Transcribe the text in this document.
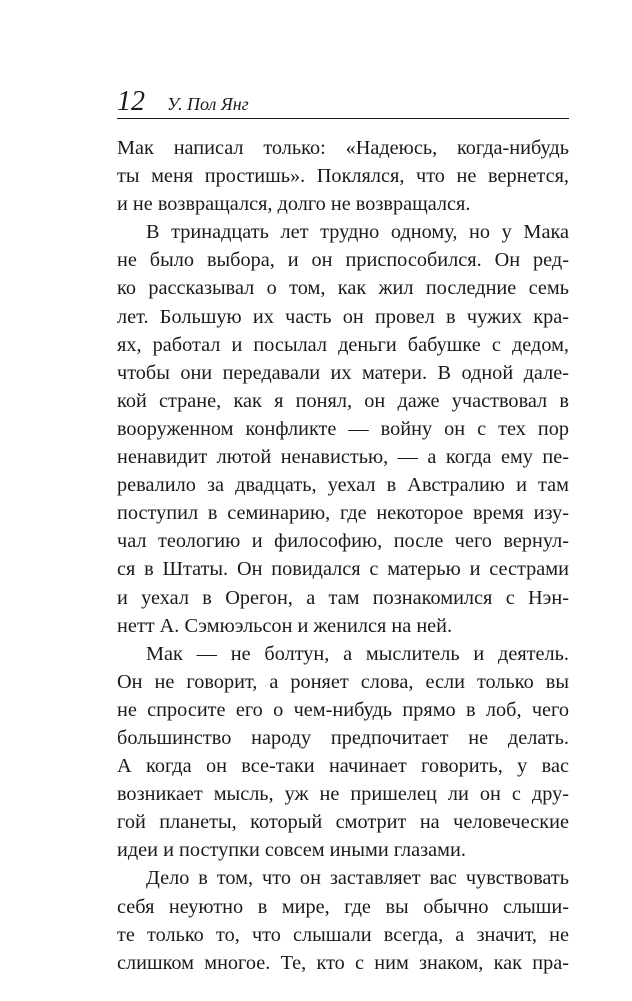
12 У. Пол Янг
Мак написал только: «Надеюсь, когда-нибудь
ты меня простишь». Поклялся, что не вернется,
и не возвращался, долго не возвращался.
В тринадцать лет трудно одному, но у Мака
не было выбора, и он приспособился. Он ред-
ко рассказывал о том, как жил последние семь
лет. Большую их часть он провел в чужих кра-
ях, работал и посылал деньги бабушке с дедом,
чтобы они передавали их матери. В одной дале-
кой стране, как я понял, он даже участвовал в
вооруженном конфликте — войну он с тех пор
ненавидит лютой ненавистью, — а когда ему пе-
ревалило за двадцать, уехал в Австралию и там
поступил в семинарию, где некоторое время изу-
чал теологию и философию, после чего вернул-
ся в Штаты. Он повидался с матерью и сестрами
и уехал в Орегон, а там познакомился с Нэн-
нетт А. Сэмюэльсон и женился на ней.
Мак — не болтун, а мыслитель и деятель.
Он не говорит, а роняет слова, если только вы
не спросите его о чем-нибудь прямо в лоб, чего
большинство народу предпочитает не делать.
А когда он все-таки начинает говорить, у вас
возникает мысль, уж не пришелец ли он с дру-
гой планеты, который смотрит на человеческие
идеи и поступки совсем иными глазами.
Дело в том, что он заставляет вас чувствовать
себя неуютно в мире, где вы обычно слыши-
те только то, что слышали всегда, а значит, не
слишком многое. Те, кто с ним знаком, как пра-
